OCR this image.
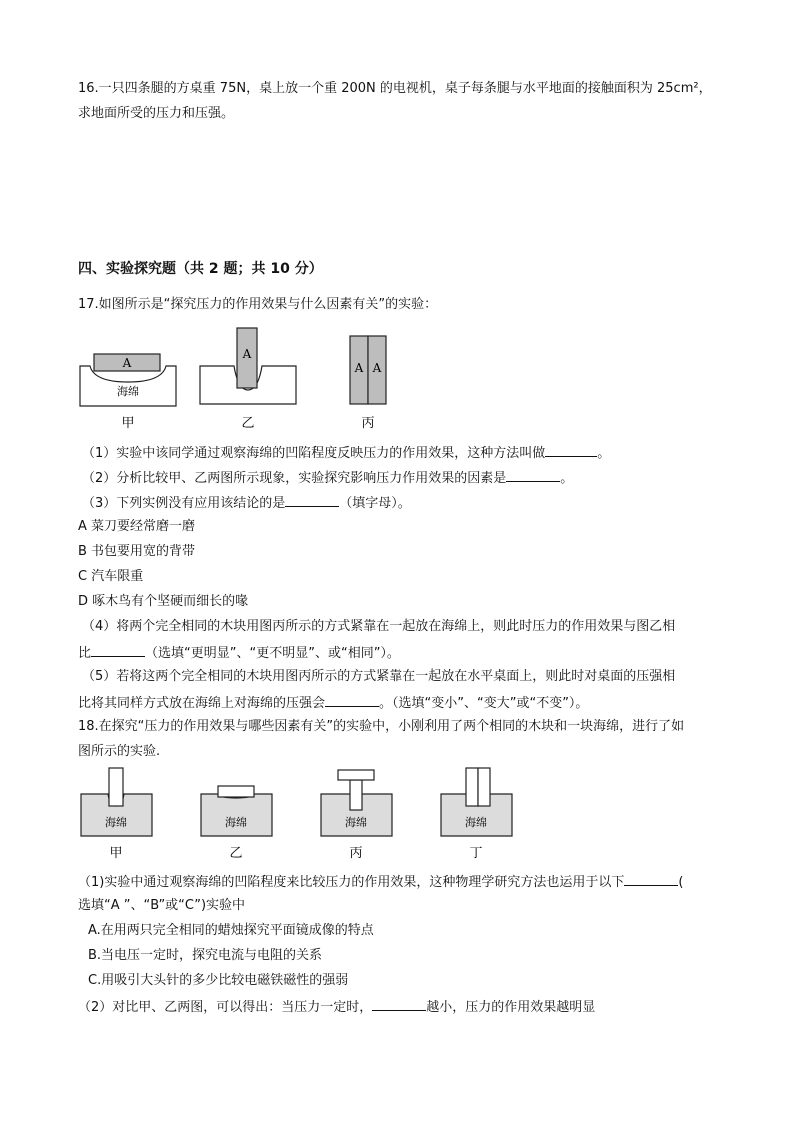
16.一只四条腿的方桌重 75N，桌上放一个重 200N 的电视机，桌子每条腿与水平地面的接触面积为 25cm²，
求地面所受的压力和压强。
四、实验探究题（共 2 题；共 10 分）
17.如图所示是“探究压力的作用效果与什么因素有关”的实验：
A
海绵
甲
A
乙
A A
丙
（1）实验中该同学通过观察海绵的凹陷程度反映压力的作用效果，这种方法叫做	。
（2）分析比较甲、乙两图所示现象，实验探究影响压力作用效果的因素是	。
（3）下列实例没有应用该结论的是	（填字母）。
A 菜刀要经常磨一磨
B 书包要用宽的背带
C 汽车限重
D 啄木鸟有个坚硬而细长的喙
（4）将两个完全相同的木块用图丙所示的方式紧靠在一起放在海绵上，则此时压力的作用效果与图乙相
比	（选填“更明显”、“更不明显”、或“相同”）。
（5）若将这两个完全相同的木块用图丙所示的方式紧靠在一起放在水平桌面上，则此时对桌面的压强相
比将其同样方式放在海绵上对海绵的压强会	。（选填“变小”、“变大”或“不变”）。
18.在探究“压力的作用效果与哪些因素有关”的实验中，小刚利用了两个相同的木块和一块海绵，进行了如
图所示的实验.
海绵
甲
海绵
乙
海绵
丙
海绵
丁
（1)实验中通过观察海绵的凹陷程度来比较压力的作用效果，这种物理学研究方法也运用于以下	(
选填“A ”、“B”或“C”)实验中
A.在用两只完全相同的蜡烛探究平面镜成像的特点
B.当电压一定时，探究电流与电阻的关系
C.用吸引大头针的多少比较电磁铁磁性的强弱
（2）对比甲、乙两图，可以得出：当压力一定时，	越小，压力的作用效果越明显
